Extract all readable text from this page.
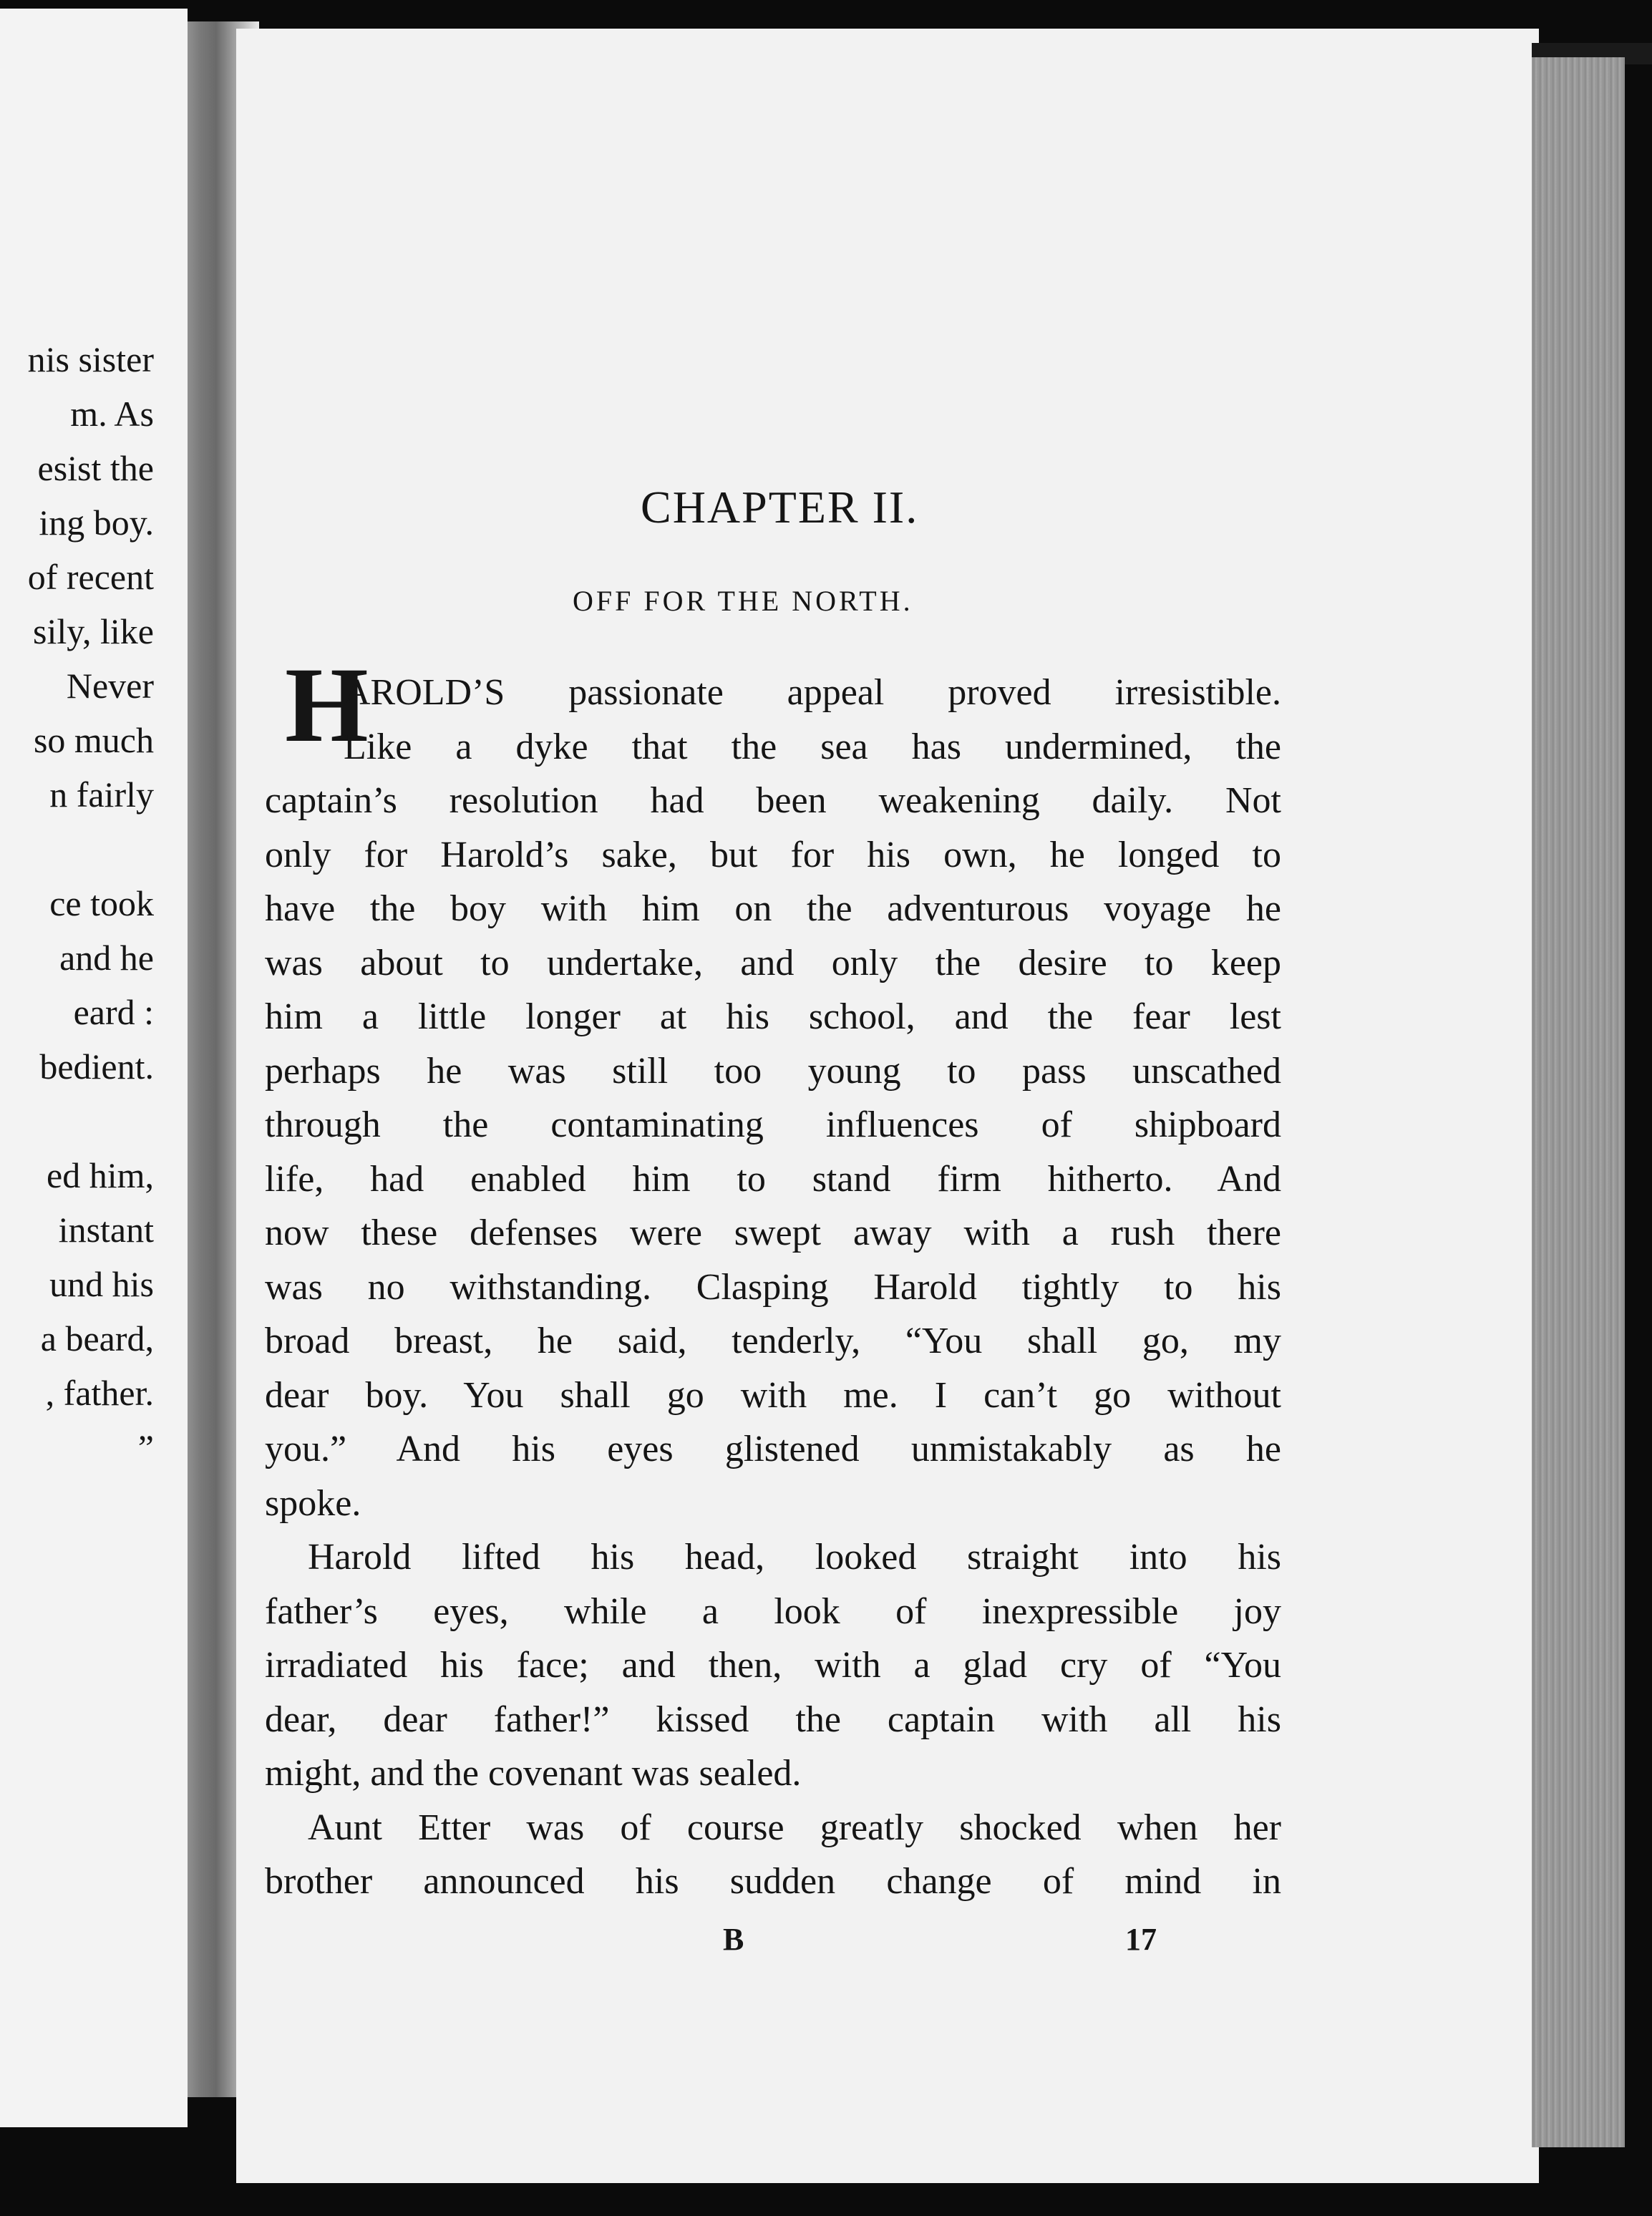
nis sister
m. As
esist the
ing boy.
of recent
sily, like
Never
so much
n fairly
ce took
and he
eard :
bedient.
ed him,
instant
und his
a beard,
, father.
”
CHAPTER II.
OFF FOR THE NORTH.
H
AROLD’S passionate appeal proved irresistible.
Like a dyke that the sea has undermined, the
captain’s resolution had been weakening daily. Not
only for Harold’s sake, but for his own, he longed to
have the boy with him on the adventurous voyage he
was about to undertake, and only the desire to keep
him a little longer at his school, and the fear lest
perhaps he was still too young to pass unscathed
through the contaminating influences of shipboard
life, had enabled him to stand firm hitherto. And
now these defenses were swept away with a rush there
was no withstanding. Clasping Harold tightly to his
broad breast, he said, tenderly, “You shall go, my
dear boy. You shall go with me. I can’t go without
you.” And his eyes glistened unmistakably as he
spoke.
Harold lifted his head, looked straight into his
father’s eyes, while a look of inexpressible joy
irradiated his face; and then, with a glad cry of “You
dear, dear father!” kissed the captain with all his
might, and the covenant was sealed.
Aunt Etter was of course greatly shocked when her
brother announced his sudden change of mind in
B	17
